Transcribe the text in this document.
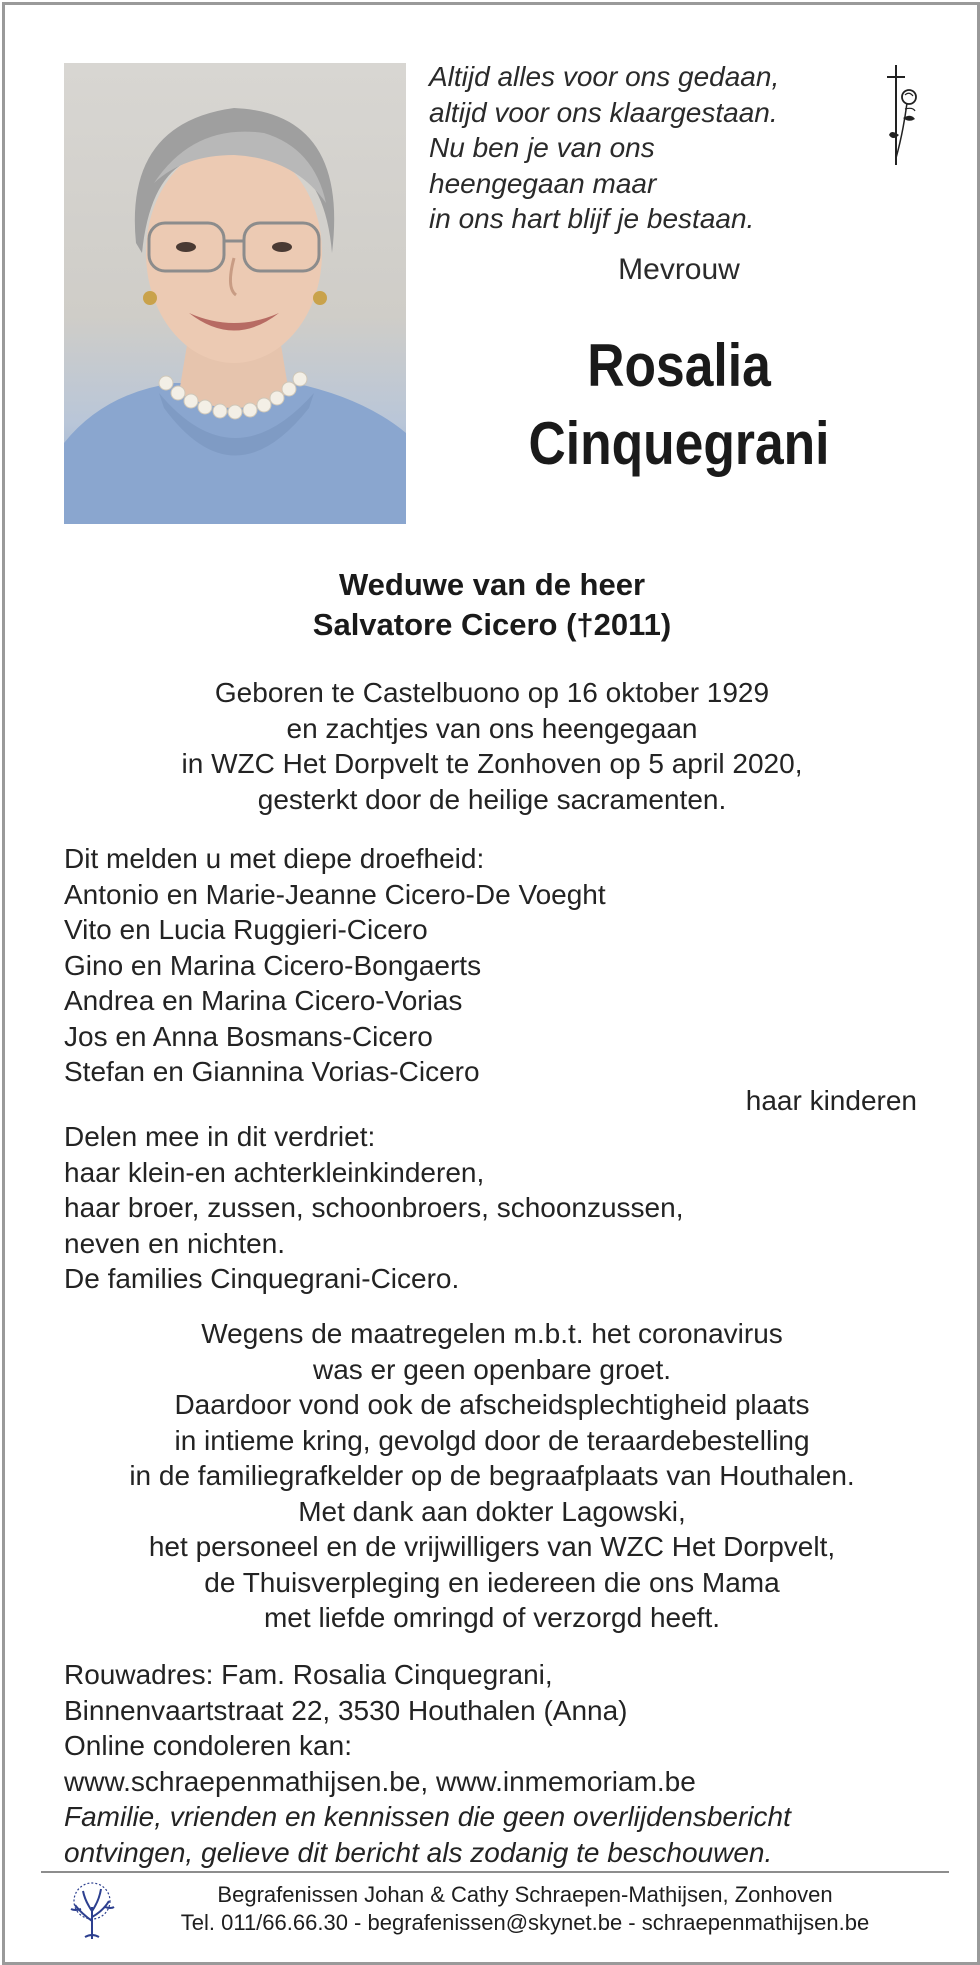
Altijd alles voor ons gedaan,
altijd voor ons klaargestaan.
Nu ben je van ons
heengegaan maar
in ons hart blijf je bestaan.
Mevrouw
Rosalia
Cinquegrani
Weduwe van de heer
Salvatore Cicero (†2011)
Geboren te Castelbuono op 16 oktober 1929
en zachtjes van ons heengegaan
in WZC Het Dorpvelt te Zonhoven op 5 april 2020,
gesterkt door de heilige sacramenten.
Dit melden u met diepe droefheid:
Antonio en Marie-Jeanne Cicero-De Voeght
Vito en Lucia Ruggieri-Cicero
Gino en Marina Cicero-Bongaerts
Andrea en Marina Cicero-Vorias
Jos en Anna Bosmans-Cicero
Stefan en Giannina Vorias-Cicero
haar kinderen
Delen mee in dit verdriet:
haar klein-en achterkleinkinderen,
haar broer, zussen, schoonbroers, schoonzussen,
neven en nichten.
De families Cinquegrani-Cicero.
Wegens de maatregelen m.b.t. het coronavirus
was er geen openbare groet.
Daardoor vond ook de afscheidsplechtigheid plaats
in intieme kring, gevolgd door de teraardebestelling
in de familiegrafkelder op de begraafplaats van Houthalen.
Met dank aan dokter Lagowski,
het personeel en de vrijwilligers van WZC Het Dorpvelt,
de Thuisverpleging en iedereen die ons Mama
met liefde omringd of verzorgd heeft.
Rouwadres: Fam. Rosalia Cinquegrani,
Binnenvaartstraat 22, 3530 Houthalen (Anna)
Online condoleren kan:
www.schraepenmathijsen.be, www.inmemoriam.be
Familie, vrienden en kennissen die geen overlijdensbericht
ontvingen, gelieve dit bericht als zodanig te beschouwen.
Begrafenissen Johan & Cathy Schraepen-Mathijsen, Zonhoven
Tel. 011/66.66.30 - begrafenissen@skynet.be - schraepenmathijsen.be
